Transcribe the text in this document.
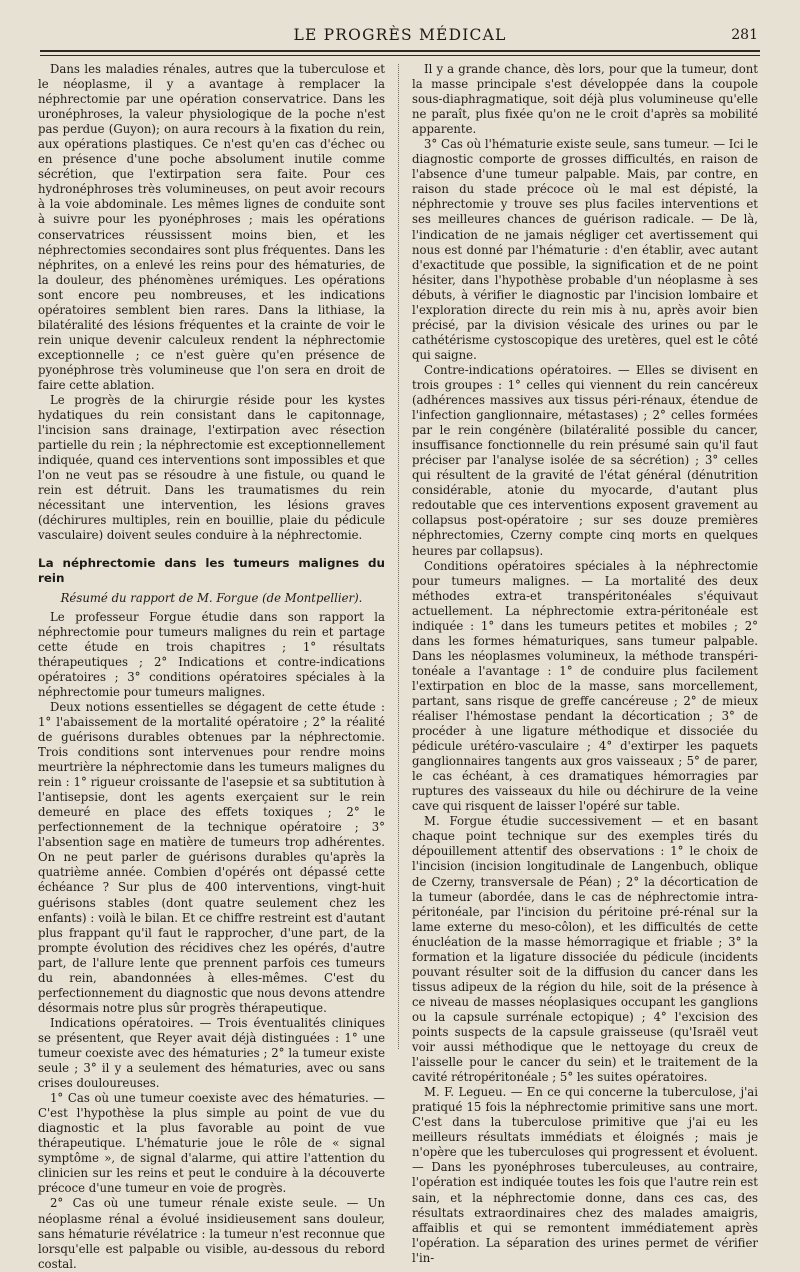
LE PROGRÈS MÉDICAL	281

Dans les maladies rénales, autres que la tuberculose et le néoplasme, il y a avantage à remplacer la néphrectomie par une opération conservatrice. Dans les uronéphroses, la valeur physiologique de la poche n'est pas perdue (Guyon); on aura recours à la fixation du rein, aux opérations plastiques. Ce n'est qu'en cas d'échec ou en présence d'une poche absolument inutile comme sécrétion, que l'extirpation sera faite. Pour ces hydronéphroses très volumineuses, on peut avoir recours à la voie abdominale. Les mêmes lignes de conduite sont à suivre pour les pyonéphroses ; mais les opérations conservatrices réussissent moins bien, et les néphrectomies secondaires sont plus fréquentes. Dans les néphrites, on a enlevé les reins pour des hématuries, de la douleur, des phénomènes urémiques. Les opérations sont encore peu nombreuses, et les indications opératoires semblent bien rares. Dans la lithiase, la bilatéralité des lésions fréquentes et la crainte de voir le rein unique devenir calculeux rendent la néphrectomie exceptionnelle ; ce n'est guère qu'en présence de pyonéphrose très volumineuse que l'on sera en droit de faire cette ablation.

Le progrès de la chirurgie réside pour les kystes hydatiques du rein consistant dans le capitonnage, l'incision sans drainage, l'extirpation avec résection partielle du rein ; la néphrectomie est exceptionnellement indiquée, quand ces interventions sont impossibles et que l'on ne veut pas se résoudre à une fistule, ou quand le rein est détruit. Dans les traumatismes du rein nécessitant une intervention, les lésions graves (déchirures multiples, rein en bouillie, plaie du pédicule vasculaire) doivent seules conduire à la néphrectomie.

La néphrectomie dans les tumeurs malignes du rein

Résumé du rapport de M. Forgue (de Montpellier).

Le professeur Forgue étudie dans son rapport la néphrectomie pour tumeurs malignes du rein et partage cette étude en trois chapitres ; 1° résultats thérapeutiques ; 2° Indications et contre-indications opératoires ; 3° conditions opératoires spéciales à la néphrectomie pour tumeurs malignes.

Deux notions essentielles se dégagent de cette étude : 1° l'abaissement de la mortalité opératoire ; 2° la réalité de guérisons durables obtenues par la néphrectomie. Trois conditions sont intervenues pour rendre moins meurtrière la néphrectomie dans les tumeurs malignes du rein : 1° rigueur croissante de l'asepsie et sa subtitution à l'antisepsie, dont les agents exerçaient sur le rein demeuré en place des effets toxiques ; 2° le perfectionnement de la technique opératoire ; 3° l'absention sage en matière de tumeurs trop adhérentes. On ne peut parler de guérisons durables qu'après la quatrième année. Combien d'opérés ont dépassé cette échéance ? Sur plus de 400 interventions, vingt-huit guérisons stables (dont quatre seulement chez les enfants) : voilà le bilan. Et ce chiffre restreint est d'autant plus frappant qu'il faut le rapprocher, d'une part, de la prompte évolution des récidives chez les opérés, d'autre part, de l'allure lente que prennent parfois ces tumeurs du rein, abandonnées à elles-mêmes. C'est du perfectionnement du diagnostic que nous devons attendre désormais notre plus sûr progrès thérapeutique.

Indications opératoires. — Trois éventualités cliniques se présentent, que Reyer avait déjà distinguées : 1° une tumeur coexiste avec des hématuries ; 2° la tumeur existe seule ; 3° il y a seulement des hématuries, avec ou sans crises douloureuses.

1° Cas où une tumeur coexiste avec des hématuries. — C'est l'hypothèse la plus simple au point de vue du diagnostic et la plus favorable au point de vue thérapeutique. L'hématurie joue le rôle de « signal symptôme », de signal d'alarme, qui attire l'attention du clinicien sur les reins et peut le conduire à la découverte précoce d'une tumeur en voie de progrès.

2° Cas où une tumeur rénale existe seule. — Un néoplasme rénal a évolué insidieusement sans douleur, sans hématurie révélatrice : la tumeur n'est reconnue que lorsqu'elle est palpable ou visible, au-dessous du rebord costal.

Il y a grande chance, dès lors, pour que la tumeur, dont la masse principale s'est développée dans la coupole sous-diaphragmatique, soit déjà plus volumineuse qu'elle ne paraît, plus fixée qu'on ne le croit d'après sa mobilité apparente.

3° Cas où l'hématurie existe seule, sans tumeur. — Ici le diagnostic comporte de grosses difficultés, en raison de l'absence d'une tumeur palpable. Mais, par contre, en raison du stade précoce où le mal est dépisté, la néphrectomie y trouve ses plus faciles interventions et ses meilleures chances de guérison radicale. — De là, l'indication de ne jamais négliger cet avertissement qui nous est donné par l'hématurie : d'en établir, avec autant d'exactitude que possible, la signification et de ne point hésiter, dans l'hypothèse probable d'un néoplasme à ses débuts, à vérifier le diagnostic par l'incision lombaire et l'exploration directe du rein mis à nu, après avoir bien précisé, par la division vésicale des urines ou par le cathétérisme cystoscopique des uretères, quel est le côté qui saigne.

Contre-indications opératoires. — Elles se divisent en trois groupes : 1° celles qui viennent du rein cancéreux (adhérences massives aux tissus péri-rénaux, étendue de l'infection ganglionnaire, métastases) ; 2° celles formées par le rein congénère (bilatéralité possible du cancer, insuffisance fonctionnelle du rein présumé sain qu'il faut préciser par l'analyse isolée de sa sécrétion) ; 3° celles qui résultent de la gravité de l'état général (dénutrition considérable, atonie du myocarde, d'autant plus redoutable que ces interventions exposent gravement au collapsus post-opératoire ; sur ses douze premières néphrectomies, Czerny compte cinq morts en quelques heures par collapsus).

Conditions opératoires spéciales à la néphrectomie pour tumeurs malignes. — La mortalité des deux méthodes extra-et transpéritonéales s'équivaut actuellement. La néphrectomie extra-péritonéale est indiquée : 1° dans les tumeurs petites et mobiles ; 2° dans les formes hématuriques, sans tumeur palpable. Dans les néoplasmes volumineux, la méthode transpéri-tonéale a l'avantage : 1° de conduire plus facilement l'extirpation en bloc de la masse, sans morcellement, partant, sans risque de greffe cancéreuse ; 2° de mieux réaliser l'hémostase pendant la décortication ; 3° de procéder à une ligature méthodique et dissociée du pédicule urétéro-vasculaire ; 4° d'extirper les paquets ganglionnaires tangents aux gros vaisseaux ; 5° de parer, le cas échéant, à ces dramatiques hémorragies par ruptures des vaisseaux du hile ou déchirure de la veine cave qui risquent de laisser l'opéré sur table.

M. Forgue étudie successivement — et en basant chaque point technique sur des exemples tirés du dépouillement attentif des observations : 1° le choix de l'incision (incision longitudinale de Langenbuch, oblique de Czerny, transversale de Péan) ; 2° la décortication de la tumeur (abordée, dans le cas de néphrectomie intra-péritonéale, par l'incision du péritoine pré-rénal sur la lame externe du meso-côlon), et les difficultés de cette énucléation de la masse hémorragique et friable ; 3° la formation et la ligature dissociée du pédicule (incidents pouvant résulter soit de la diffusion du cancer dans les tissus adipeux de la région du hile, soit de la présence à ce niveau de masses néoplasiques occupant les ganglions ou la capsule surrénale ectopique) ; 4° l'excision des points suspects de la capsule graisseuse (qu'Israël veut voir aussi méthodique que le nettoyage du creux de l'aisselle pour le cancer du sein) et le traitement de la cavité rétropéritonéale ; 5° les suites opératoires.

M. F. Legueu. — En ce qui concerne la tuberculose, j'ai pratiqué 15 fois la néphrectomie primitive sans une mort. C'est dans la tuberculose primitive que j'ai eu les meilleurs résultats immédiats et éloignés ; mais je n'opère que les tuberculoses qui progressent et évoluent. — Dans les pyonéphroses tuberculeuses, au contraire, l'opération est indiquée toutes les fois que l'autre rein est sain, et la néphrectomie donne, dans ces cas, des résultats extraordinaires chez des malades amaigris, affaiblis et qui se remontent immédiatement après l'opération. La séparation des urines permet de vérifier l'in-
